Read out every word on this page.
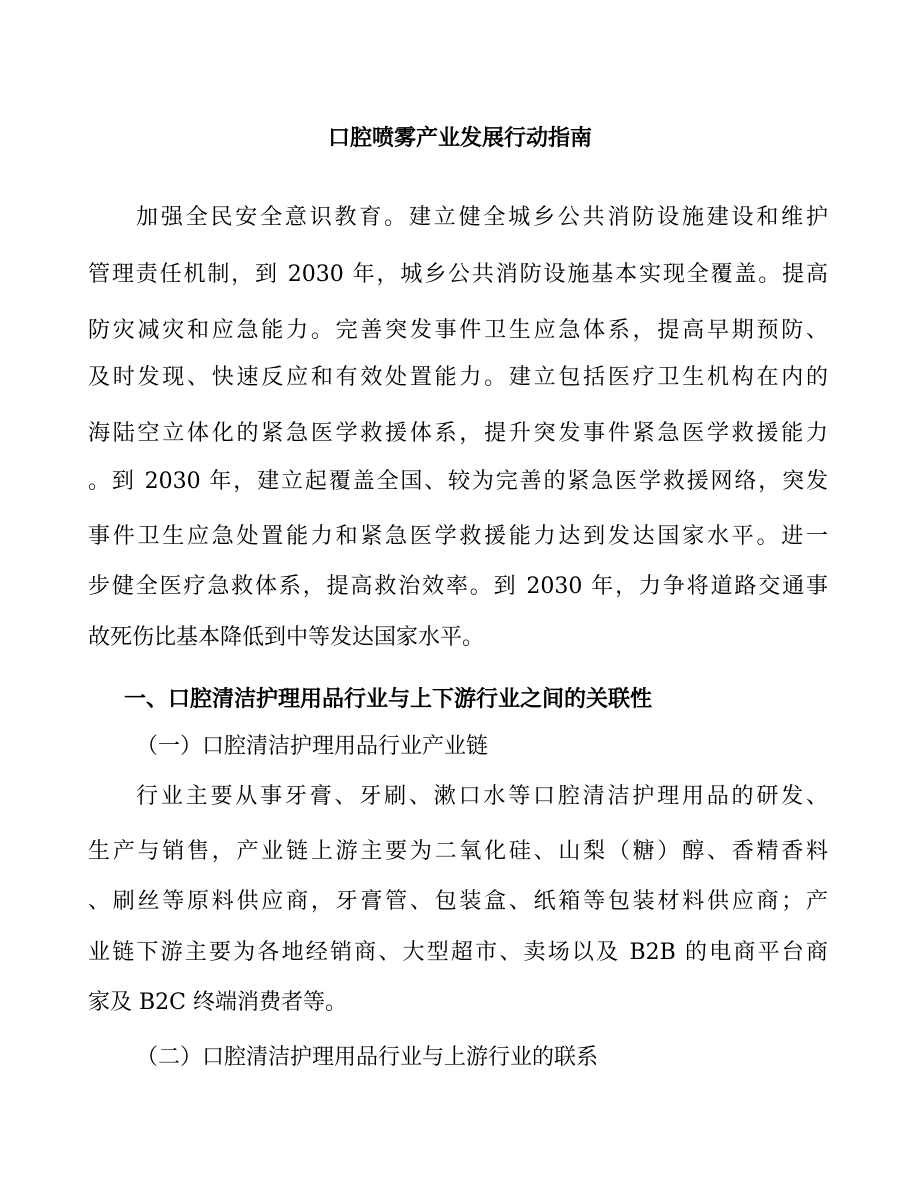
口腔喷雾产业发展行动指南

加强全民安全意识教育。建立健全城乡公共消防设施建设和维护

管理责任机制，到 2030 年，城乡公共消防设施基本实现全覆盖。提高

防灾减灾和应急能力。完善突发事件卫生应急体系，提高早期预防、

及时发现、快速反应和有效处置能力。建立包括医疗卫生机构在内的

海陆空立体化的紧急医学救援体系，提升突发事件紧急医学救援能力

。到 2030 年，建立起覆盖全国、较为完善的紧急医学救援网络，突发

事件卫生应急处置能力和紧急医学救援能力达到发达国家水平。进一

步健全医疗急救体系，提高救治效率。到 2030 年，力争将道路交通事

故死伤比基本降低到中等发达国家水平。

一、口腔清洁护理用品行业与上下游行业之间的关联性

（一）口腔清洁护理用品行业产业链

行业主要从事牙膏、牙刷、漱口水等口腔清洁护理用品的研发、

生产与销售，产业链上游主要为二氧化硅、山梨（糖）醇、香精香料

、刷丝等原料供应商，牙膏管、包装盒、纸箱等包装材料供应商；产

业链下游主要为各地经销商、大型超市、卖场以及 B2B 的电商平台商

家及 B2C 终端消费者等。

（二）口腔清洁护理用品行业与上游行业的联系
